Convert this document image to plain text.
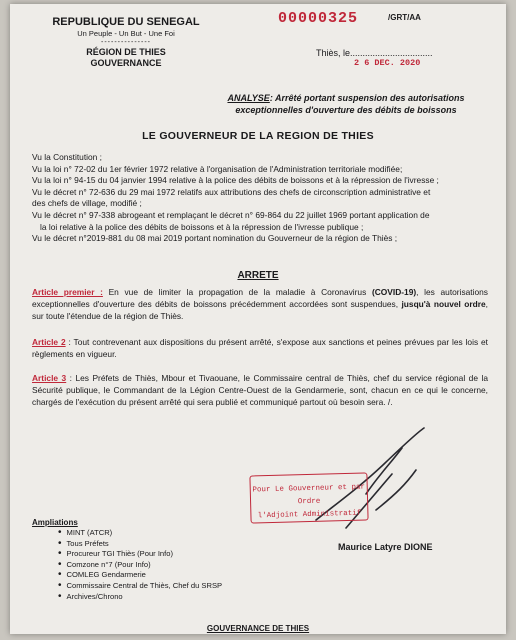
REPUBLIQUE DU SENEGAL
Un Peuple - Un But - Une Foi
---------------
RÉGION DE THIES
GOUVERNANCE
00000325	/GRT/AA
Thiès, le.................................
2 6 DEC. 2020
ANALYSE: Arrêté portant suspension des autorisations exceptionnelles d'ouverture des débits de boissons
LE GOUVERNEUR DE LA REGION DE THIES
Vu la Constitution ;
Vu la loi n° 72-02 du 1er février 1972 relative à l'organisation de l'Administration territoriale modifiée;
Vu la loi n° 94-15 du 04 janvier 1994 relative à la police des débits de boissons et à la répression de l'ivresse ;
Vu le décret n° 72-636 du 29 mai 1972 relatifs aux attributions des chefs de circonscription administrative et
des chefs de village, modifié ;
Vu le décret n° 97-338 abrogeant et remplaçant le décret n° 69-864 du 22 juillet 1969 portant application de
la loi relative à la police des débits de boissons et à la répression de l'ivresse publique ;
Vu le décret n°2019-881 du 08 mai 2019 portant nomination du Gouverneur de la région de Thiès ;
ARRETE
Article premier : En vue de limiter la propagation de la maladie à Coronavirus (COVID-19), les autorisations exceptionnelles d'ouverture des débits de boissons précédemment accordées sont suspendues, jusqu'à nouvel ordre, sur toute l'étendue de la région de Thiès.
Article 2 : Tout contrevenant aux dispositions du présent arrêté, s'expose aux sanctions et peines prévues par les lois et règlements en vigueur.
Article 3 : Les Préfets de Thiès, Mbour et Tivaouane, le Commissaire central de Thiès, chef du service régional de la Sécurité publique, le Commandant de la Légion Centre-Ouest de la Gendarmerie, sont, chacun en ce qui le concerne, chargés de l'exécution du présent arrêté qui sera publié et communiqué partout où besoin sera. /.
Pour Le Gouverneur et par Ordre
l'Adjoint Administratif
Maurice Latyre DIONE
Ampliations
• MINT (ATCR)
• Tous Préfets
• Procureur TGI Thiès (Pour Info)
• Comzone n°7 (Pour Info)
• COMLEG Gendarmerie
• Commissaire Central de Thiès, Chef du SRSP
• Archives/Chrono
GOUVERNANCE DE THIES
